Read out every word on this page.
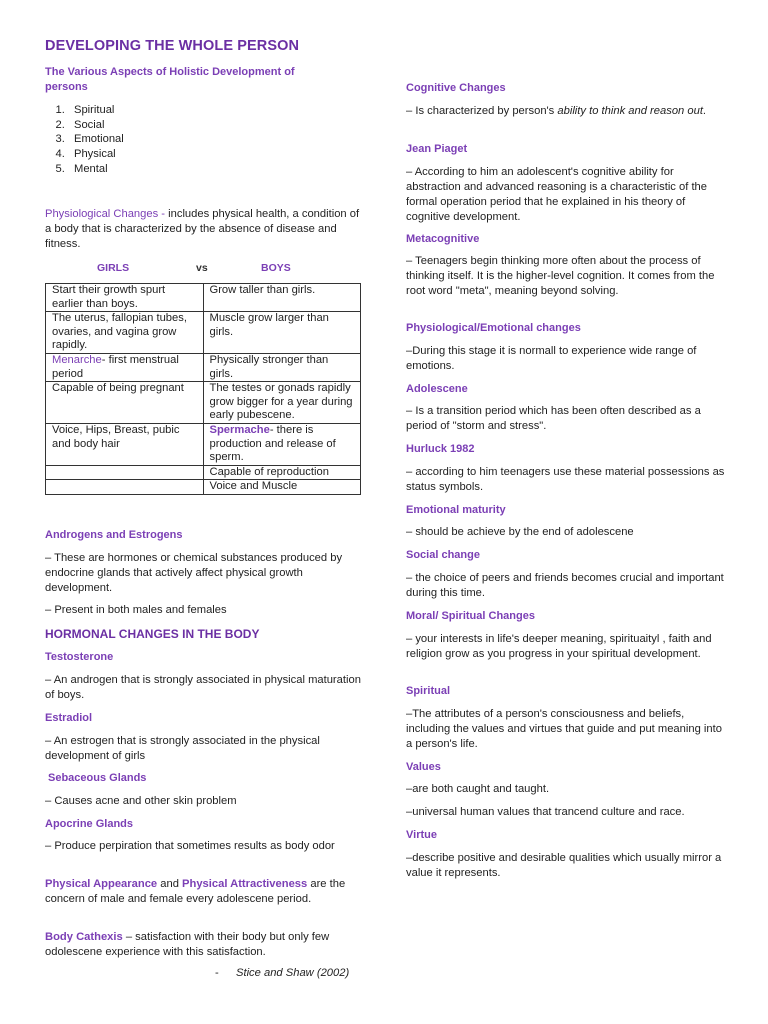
DEVELOPING THE WHOLE PERSON
The Various Aspects of Holistic Development of persons
1. Spiritual
2. Social
3. Emotional
4. Physical
5. Mental

Physiological Changes - includes physical health, a condition of a body that is characterized by the absence of disease and fitness.

GIRLS	vs	BOYS
Start their growth spurt earlier than boys.	Grow taller than girls.
The uterus, fallopian tubes, ovaries, and vagina grow rapidly.	Muscle grow larger than girls.
Menarche- first menstrual period	Physically stronger than girls.
Capable of being pregnant	The testes or gonads rapidly grow bigger for a year during early pubescene.
Voice, Hips, Breast, pubic and body hair	Spermache- there is production and release of sperm.
	Capable of reproduction
	Voice and Muscle
Androgens and Estrogens

– These are hormones or chemical substances produced by endocrine glands that actively affect physical growth development.

– Present in both males and females

HORMONAL CHANGES IN THE BODY
Testosterone

– An androgen that is strongly associated in physical maturation of boys.

Estradiol

– An estrogen that is strongly associated in the physical development of girls

Sebaceous Glands

– Causes acne and other skin problem

Apocrine Glands

– Produce perpiration that sometimes results as body odor

Physical Appearance and Physical Attractiveness are the concern of male and female every adolescene period.

Body Cathexis – satisfaction with their body but only few odolescene experience with this satisfaction.

- Stice and Shaw (2002)
Cognitive Changes

– Is characterized by person's ability to think and reason out.

Jean Piaget

– According to him an adolescent's cognitive ability for abstraction and advanced reasoning is a characteristic of the formal operation period that he explained in his theory of cognitive development.

Metacognitive

– Teenagers begin thinking more often about the process of thinking itself. It is the higher-level cognition. It comes from the root word "meta", meaning beyond solving.

Physiological/Emotional changes

–During this stage it is normall to experience wide range of emotions.

Adolescene

– Is a transition period which has been often described as a period of "storm and stress".

Hurluck 1982

– according to him teenagers use these material possessions as status symbols.

Emotional maturity

– should be achieve by the end of adolescene

Social change

– the choice of peers and friends becomes crucial and important during this time.

Moral/ Spiritual Changes

– your interests in life's deeper meaning, spirituaityl , faith and religion grow as you progress in your spiritual development.

Spiritual

–The attributes of a person's consciousness and beliefs, including the values and virtues that guide and put meaning into a person's life.

Values

–are both caught and taught.

–universal human values that trancend culture and race.

Virtue

–describe positive and desirable qualities which usually mirror a value it represents.
